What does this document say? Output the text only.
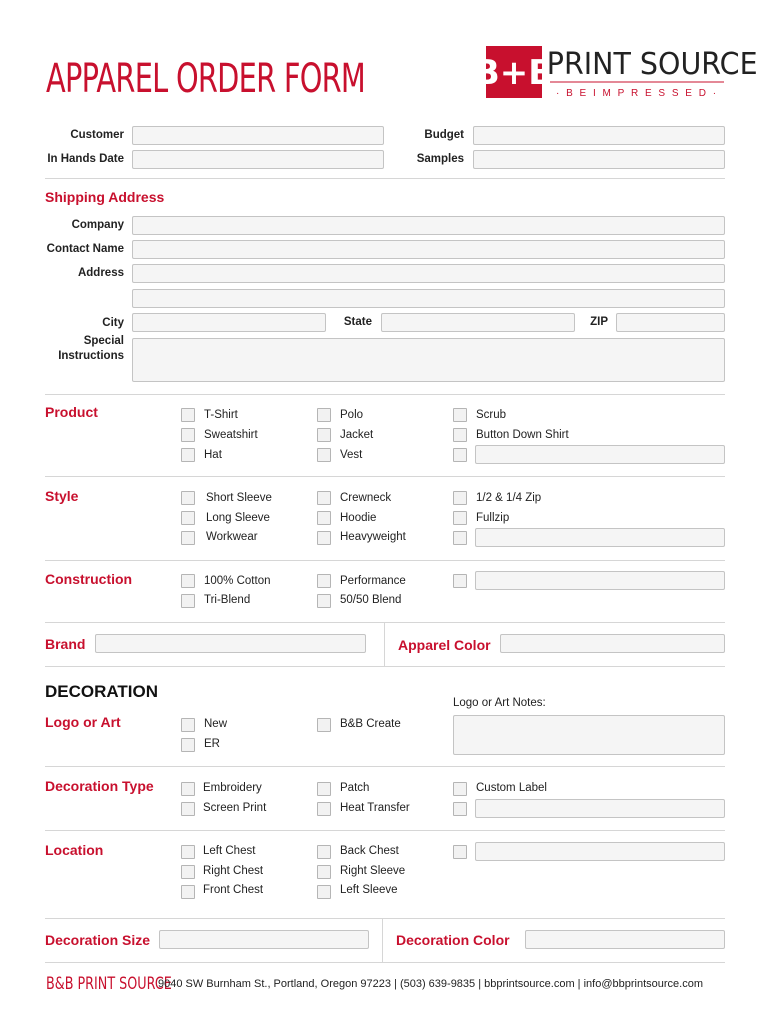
APPAREL ORDER FORM	B+B
PRINT SOURCE
· B E I M P R E S S E D ·
Customer	Budget
In Hands Date	Samples
Shipping Address
Company
Contact Name
Address
City	State	ZIP
Special
Instructions
Product	T-Shirt	Polo	Scrub
Sweatshirt	Jacket	Button Down Shirt
Hat	Vest
Style	Short Sleeve	Crewneck	1/2 & 1/4 Zip
Long Sleeve	Hoodie	Fullzip
Workwear	Heavyweight
Construction	100% Cotton	Performance
Tri-Blend	50/50 Blend
Brand	Apparel Color
DECORATION
Logo or Art	New	B&B Create
ER
Logo or Art Notes:
Decoration Type	Embroidery	Patch	Custom Label
Screen Print	Heat Transfer
Location	Left Chest	Back Chest
Right Chest	Right Sleeve
Front Chest	Left Sleeve
Decoration Size	Decoration Color
B&B PRINT SOURCE
9040 SW Burnham St., Portland, Oregon 97223 | (503) 639-9835 | bbprintsource.com | info@bbprintsource.com
